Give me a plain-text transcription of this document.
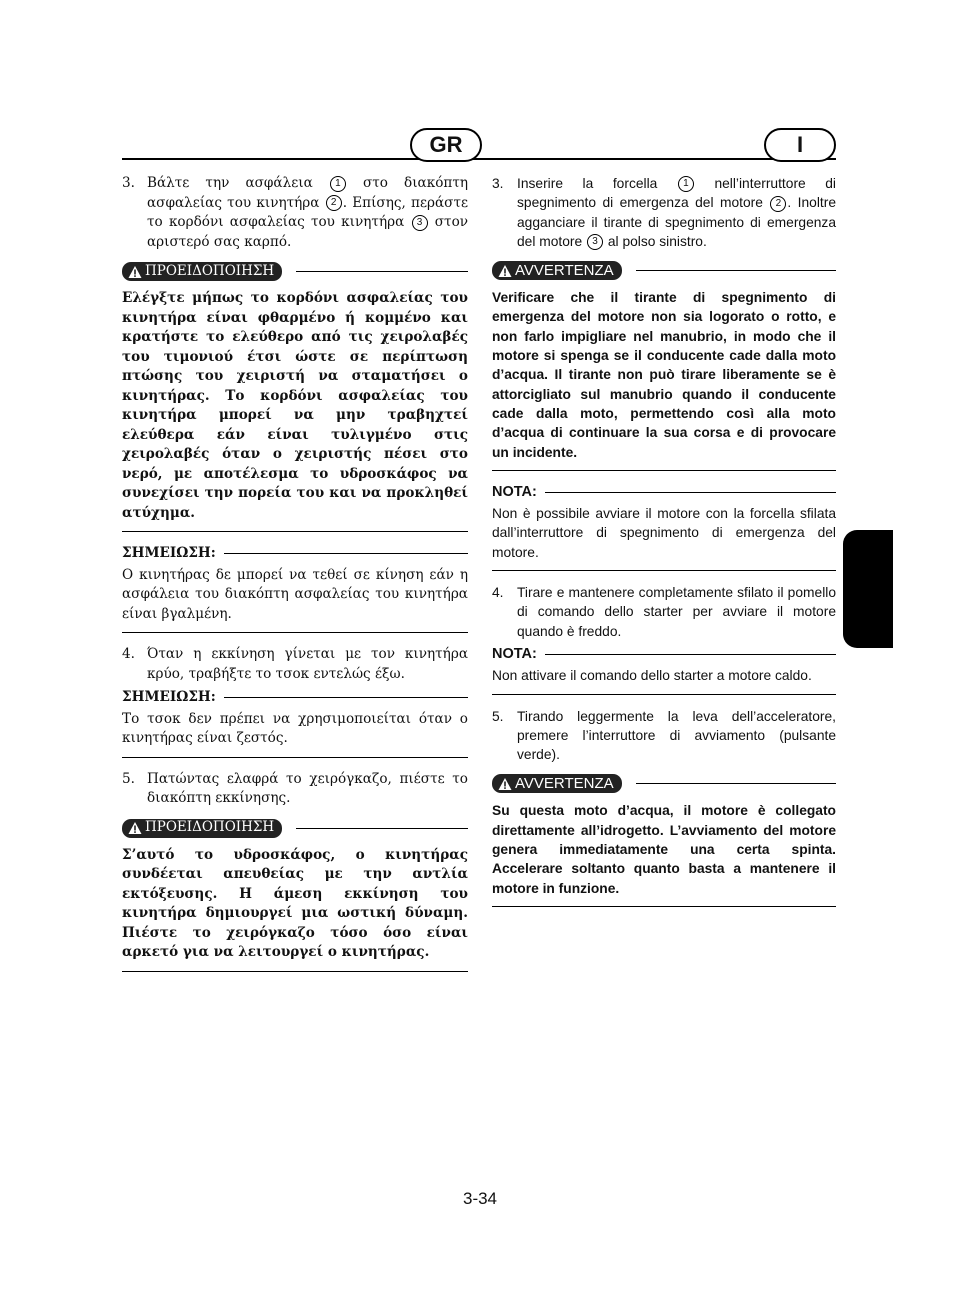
GR	I
3. Βάλτε την ασφάλεια 1 στο διακόπτη ασφαλείας του κινητήρα 2 . Επίσης, περάστε το κορδόνι ασφαλείας του κινητήρα 3 στον αριστερό σας καρπό.
ΠΡΟΕΙΔΟΠΟΙΗΣΗ

Ελέγξτε μήπως το κορδόνι ασφαλείας του κινητήρα είναι φθαρμένο ή κομμένο και κρατήστε το ελεύθερο από τις χειρολαβές του τιμονιού έτσι ώστε σε περίπτωση πτώσης του χειριστή να σταματήσει ο κινητήρας. Το κορδόνι ασφαλείας του κινητήρα μπορεί να μην τραβηχτεί ελεύθερα εάν είναι τυλιγμένο στις χειρολαβές όταν ο χειριστής πέσει στο νερό, με αποτέλεσμα το υδροσκάφος να συνεχίσει την πορεία του και να προκληθεί ατύχημα.

ΣΗΜΕΙΩΣΗ:

Ο κινητήρας δε μπορεί να τεθεί σε κίνηση εάν η ασφάλεια του διακόπτη ασφαλείας του κινητήρα είναι βγαλμένη.

4. Όταν η εκκίνηση γίνεται με τον κινητήρα κρύο, τραβήξτε το τσοκ εντελώς έξω.
ΣΗΜΕΙΩΣΗ:

Το τσοκ δεν πρέπει να χρησιμοποιείται όταν ο κινητήρας είναι ζεστός.

5. Πατώντας ελαφρά το χειρόγκαζο, πιέστε το διακόπτη εκκίνησης.
ΠΡΟΕΙΔΟΠΟΙΗΣΗ

Σ’αυτό το υδροσκάφος, ο κινητήρας συνδέεται απευθείας με την αντλία εκτόξευσης. Η άμεση εκκίνηση του κινητήρα δημιουργεί μια ωστική δύναμη. Πιέστε το χειρόγκαζο τόσο όσο είναι αρκετό για να λειτουργεί ο κινητήρας.

3. Inserire la forcella	1 nell’interruttore di spegnimento di emergenza del motore 2 . Inoltre agganciare il tirante di spegnimento di emergenza del motore 3 al polso sinistro.
AVVERTENZA

Verificare che il tirante di spegnimento di emergenza del motore non sia logorato o rotto, e non farlo impigliare nel manubrio, in modo che il motore si spenga se il conducente cade dalla moto d’acqua. Il tirante non può tirare liberamente se è attorcigliato sul manubrio quando il conducente cade dalla moto, permettendo così alla moto d’acqua di continuare la sua corsa e di provocare un incidente.

NOTA:

Non è possibile avviare il motore con la forcella sfilata dall’interruttore di spegnimento di emergenza del motore.

4. Tirare e mantenere completamente sfilato il pomello di comando dello starter per avviare il motore quando è freddo.
NOTA:

Non attivare il comando dello starter a motore caldo.

5. Tirando leggermente la leva dell’acceleratore, premere l’interruttore di avviamento (pulsante verde).
AVVERTENZA

Su questa moto d’acqua, il motore è collegato direttamente all’idrogetto. L’avviamento del motore genera immediatamente una certa spinta. Accelerare soltanto quanto basta a mantenere il motore in funzione.

3-34
